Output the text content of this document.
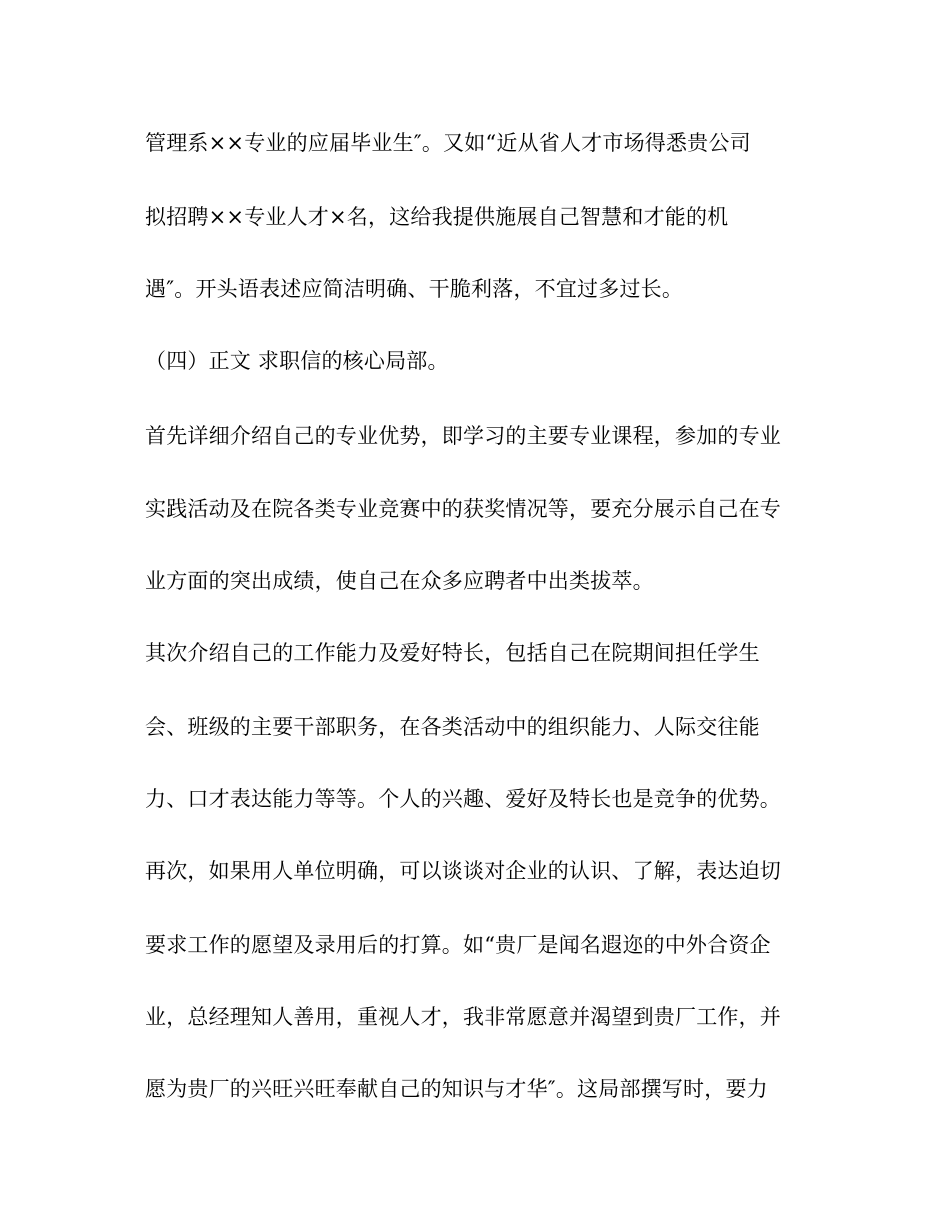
管理系××专业的应届毕业生″。又如“近从省人才市场得悉贵公司
拟招聘××专业人才×名，这给我提供施展自己智慧和才能的机
遇″。开头语表述应简洁明确、干脆利落，不宜过多过长。
（四）正文 求职信的核心局部。
首先详细介绍自己的专业优势，即学习的主要专业课程，参加的专业
实践活动及在院各类专业竞赛中的获奖情况等，要充分展示自己在专
业方面的突出成绩，使自己在众多应聘者中出类拔萃。
其次介绍自己的工作能力及爱好特长，包括自己在院期间担任学生
会、班级的主要干部职务，在各类活动中的组织能力、人际交往能
力、口才表达能力等等。个人的兴趣、爱好及特长也是竞争的优势。
再次，如果用人单位明确，可以谈谈对企业的认识、了解，表达迫切
要求工作的愿望及录用后的打算。如“贵厂是闻名遐迩的中外合资企
业，总经理知人善用，重视人才，我非常愿意并渴望到贵厂工作，并
愿为贵厂的兴旺兴旺奉献自己的知识与才华″。这局部撰写时，要力
